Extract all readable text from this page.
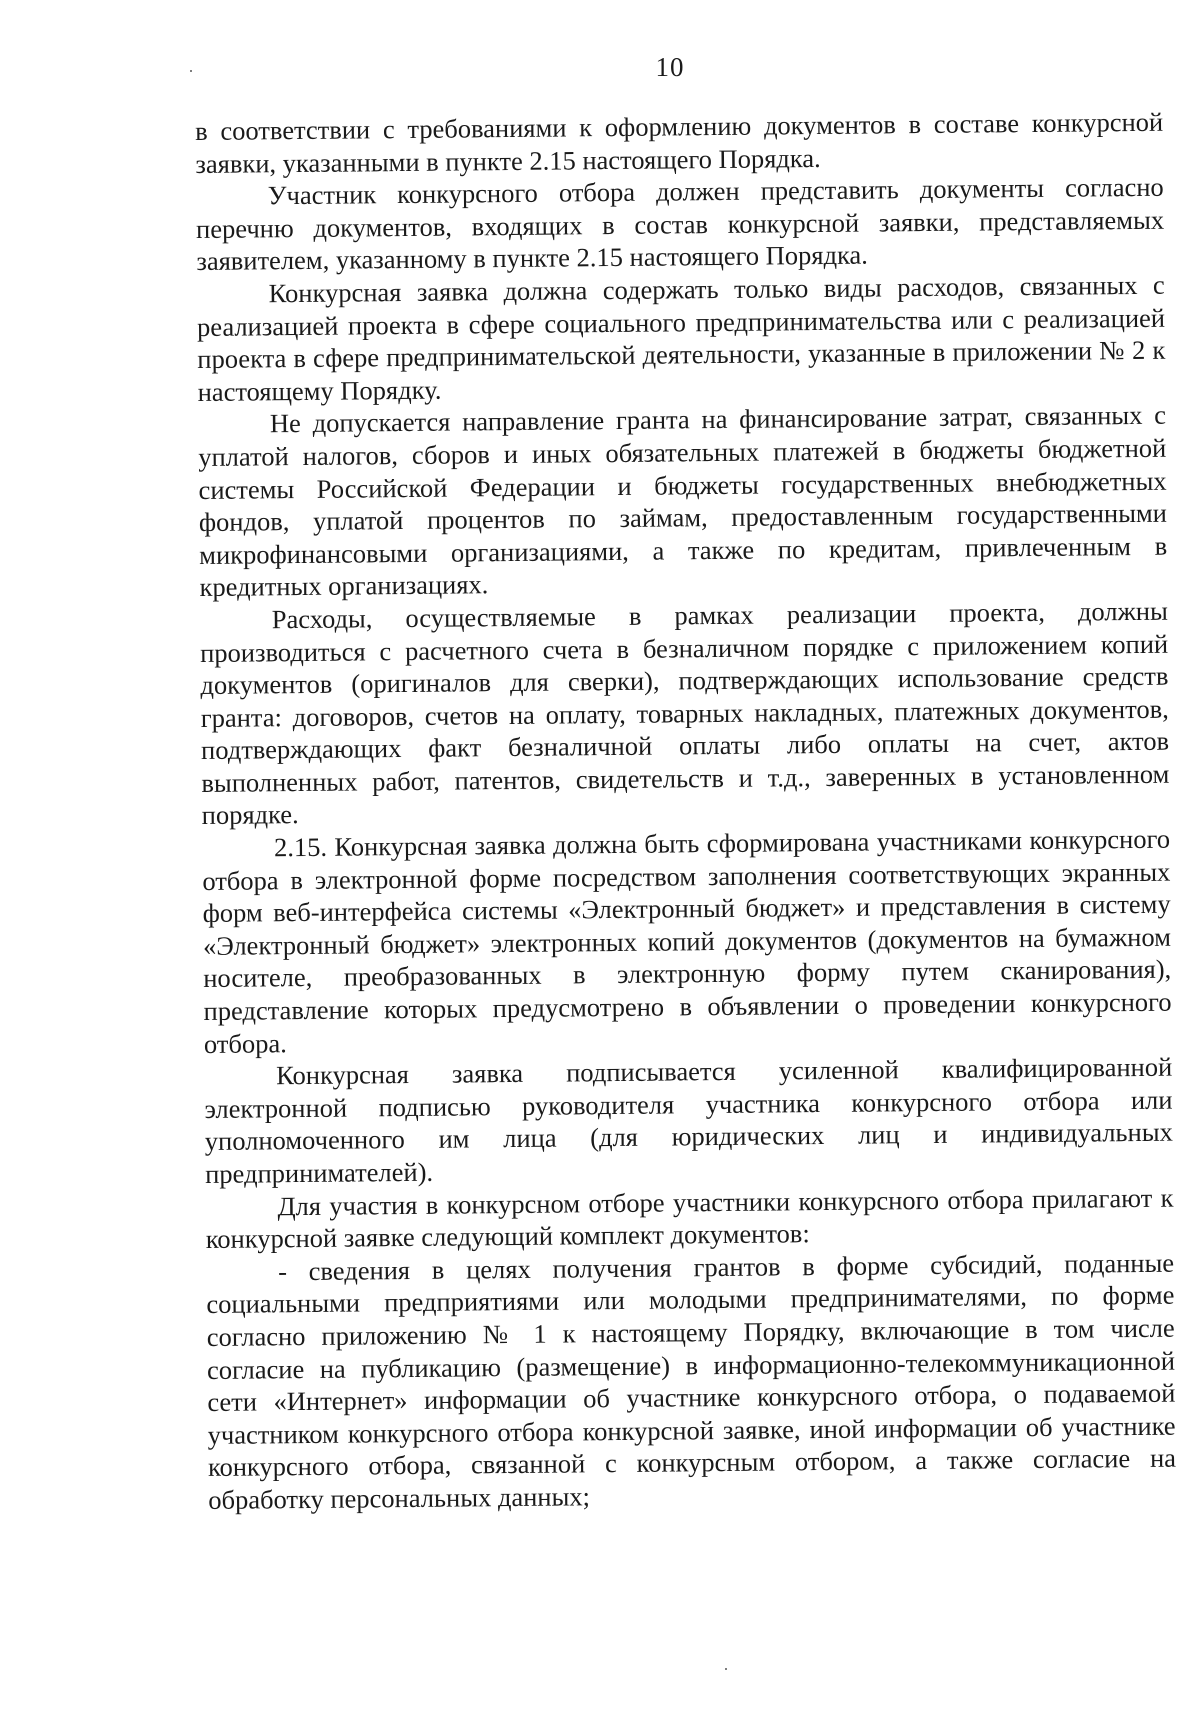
10

в соответствии с требованиями к оформлению документов в составе конкурсной заявки, указанными в пункте 2.15 настоящего Порядка.

Участник конкурсного отбора должен представить документы согласно перечню документов, входящих в состав конкурсной заявки, представляемых заявителем, указанному в пункте 2.15 настоящего Порядка.

Конкурсная заявка должна содержать только виды расходов, связанных с реализацией проекта в сфере социального предпринимательства или с реализацией проекта в сфере предпринимательской деятельности, указанные в приложении № 2 к настоящему Порядку.

Не допускается направление гранта на финансирование затрат, связанных с уплатой налогов, сборов и иных обязательных платежей в бюджеты бюджетной системы Российской Федерации и бюджеты государственных внебюджетных фондов, уплатой процентов по займам, предоставленным государственными микрофинансовыми организациями, а также по кредитам, привлеченным в кредитных организациях.

Расходы, осуществляемые в рамках реализации проекта, должны производиться с расчетного счета в безналичном порядке с приложением копий документов (оригиналов для сверки), подтверждающих использование средств гранта: договоров, счетов на оплату, товарных накладных, платежных документов, подтверждающих факт безналичной оплаты либо оплаты на счет, актов выполненных работ, патентов, свидетельств и т.д., заверенных в установленном порядке.

2.15. Конкурсная заявка должна быть сформирована участниками конкурсного отбора в электронной форме посредством заполнения соответствующих экранных форм веб-интерфейса системы «Электронный бюджет» и представления в систему «Электронный бюджет» электронных копий документов (документов на бумажном носителе, преобразованных в электронную форму путем сканирования), представление которых предусмотрено в объявлении о проведении конкурсного отбора.

Конкурсная заявка подписывается усиленной квалифицированной электронной подписью руководителя участника конкурсного отбора или уполномоченного им лица (для юридических лиц и индивидуальных предпринимателей).

Для участия в конкурсном отборе участники конкурсного отбора прилагают к конкурсной заявке следующий комплект документов:

- сведения в целях получения грантов в форме субсидий, поданные социальными предприятиями или молодыми предпринимателями, по форме согласно приложению № 1 к настоящему Порядку, включающие в том числе согласие на публикацию (размещение) в информационно-телекоммуникационной сети «Интернет» информации об участнике конкурсного отбора, о подаваемой участником конкурсного отбора конкурсной заявке, иной информации об участнике конкурсного отбора, связанной с конкурсным отбором, а также согласие на обработку персональных данных;
